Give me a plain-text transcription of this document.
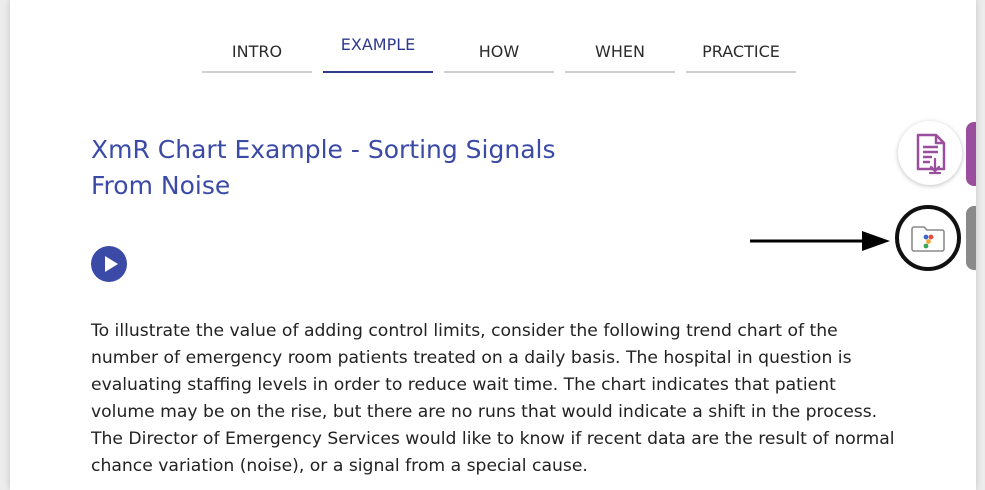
INTRO	EXAMPLE	HOW	WHEN	PRACTICE
XmR Chart Example - Sorting Signals
From Noise

To illustrate the value of adding control limits, consider the following trend chart of the number of emergency room patients treated on a daily basis. The hospital in question is evaluating staffing levels in order to reduce wait time. The chart indicates that patient volume may be on the rise, but there are no runs that would indicate a shift in the process. The Director of Emergency Services would like to know if recent data are the result of normal chance variation (noise), or a signal from a special cause.
